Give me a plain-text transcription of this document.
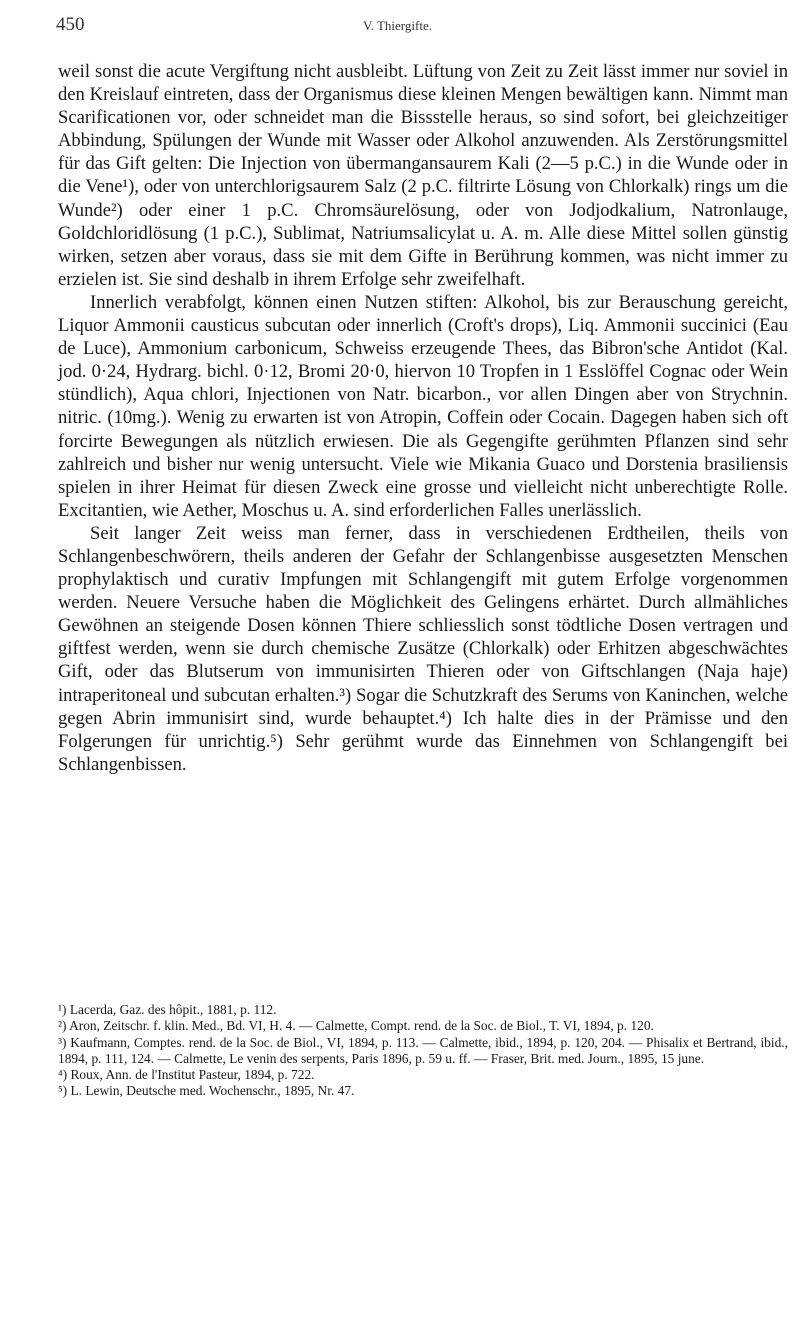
450	V. Thiergifte.

weil sonst die acute Vergiftung nicht ausbleibt. Lüftung von Zeit zu Zeit lässt immer nur soviel in den Kreislauf eintreten, dass der Organismus diese kleinen Mengen bewältigen kann. Nimmt man Scarificationen vor, oder schneidet man die Bissstelle heraus, so sind sofort, bei gleichzeitiger Abbindung, Spülungen der Wunde mit Wasser oder Alkohol anzuwenden. Als Zerstörungsmittel für das Gift gelten: Die Injection von übermangansaurem Kali (2—5 p.C.) in die Wunde oder in die Vene¹), oder von unterchlorigsaurem Salz (2 p.C. filtrirte Lösung von Chlorkalk) rings um die Wunde²) oder einer 1 p.C. Chromsäurelösung, oder von Jodjodkalium, Natronlauge, Goldchloridlösung (1 p.C.), Sublimat, Natriumsalicylat u. A. m. Alle diese Mittel sollen günstig wirken, setzen aber voraus, dass sie mit dem Gifte in Berührung kommen, was nicht immer zu erzielen ist. Sie sind deshalb in ihrem Erfolge sehr zweifelhaft.

Innerlich verabfolgt, können einen Nutzen stiften: Alkohol, bis zur Berauschung gereicht, Liquor Ammonii causticus subcutan oder innerlich (Croft's drops), Liq. Ammonii succinici (Eau de Luce), Ammonium carbonicum, Schweiss erzeugende Thees, das Bibron'sche Antidot (Kal. jod. 0·24, Hydrarg. bichl. 0·12, Bromi 20·0, hiervon 10 Tropfen in 1 Esslöffel Cognac oder Wein stündlich), Aqua chlori, Injectionen von Natr. bicarbon., vor allen Dingen aber von Strychnin. nitric. (10mg.). Wenig zu erwarten ist von Atropin, Coffein oder Cocain. Dagegen haben sich oft forcirte Bewegungen als nützlich erwiesen. Die als Gegengifte gerühmten Pflanzen sind sehr zahlreich und bisher nur wenig untersucht. Viele wie Mikania Guaco und Dorstenia brasiliensis spielen in ihrer Heimat für diesen Zweck eine grosse und vielleicht nicht unberechtigte Rolle. Excitantien, wie Aether, Moschus u. A. sind erforderlichen Falles unerlässlich.

Seit langer Zeit weiss man ferner, dass in verschiedenen Erdtheilen, theils von Schlangenbeschwörern, theils anderen der Gefahr der Schlangenbisse ausgesetzten Menschen prophylaktisch und curativ Impfungen mit Schlangengift mit gutem Erfolge vorgenommen werden. Neuere Versuche haben die Möglichkeit des Gelingens erhärtet. Durch allmähliches Gewöhnen an steigende Dosen können Thiere schliesslich sonst tödtliche Dosen vertragen und giftfest werden, wenn sie durch chemische Zusätze (Chlorkalk) oder Erhitzen abgeschwächtes Gift, oder das Blutserum von immunisirten Thieren oder von Giftschlangen (Naja haje) intraperitoneal und subcutan erhalten.³) Sogar die Schutzkraft des Serums von Kaninchen, welche gegen Abrin immunisirt sind, wurde behauptet.⁴) Ich halte dies in der Prämisse und den Folgerungen für unrichtig.⁵) Sehr gerühmt wurde das Einnehmen von Schlangengift bei Schlangenbissen.

¹) Lacerda, Gaz. des hôpit., 1881, p. 112.

²) Aron, Zeitschr. f. klin. Med., Bd. VI, H. 4. — Calmette, Compt. rend. de la Soc. de Biol., T. VI, 1894, p. 120.

³) Kaufmann, Comptes. rend. de la Soc. de Biol., VI, 1894, p. 113. — Calmette, ibid., 1894, p. 120, 204. — Phisalix et Bertrand, ibid., 1894, p. 111, 124. — Calmette, Le venin des serpents, Paris 1896, p. 59 u. ff. — Fraser, Brit. med. Journ., 1895, 15 june.

⁴) Roux, Ann. de l'Institut Pasteur, 1894, p. 722.

⁵) L. Lewin, Deutsche med. Wochenschr., 1895, Nr. 47.
